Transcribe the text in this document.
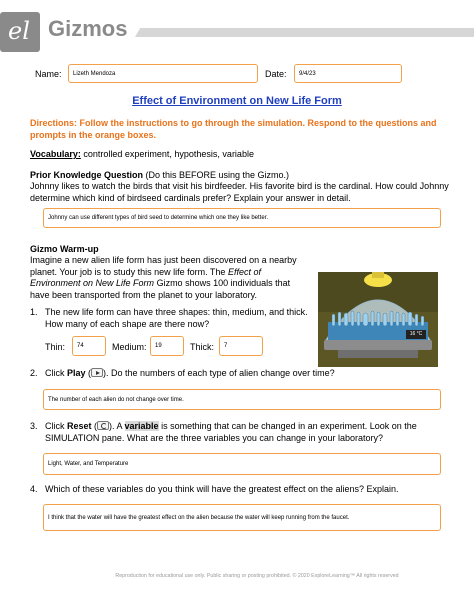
el Gizmos
Name: Lizeth Mendoza	Date: 9/4/23
Effect of Environment on New Life Form
Directions: Follow the instructions to go through the simulation. Respond to the questions and prompts in the orange boxes.
Vocabulary: controlled experiment, hypothesis, variable
Prior Knowledge Question (Do this BEFORE using the Gizmo.)
Johnny likes to watch the birds that visit his birdfeeder. His favorite bird is the cardinal. How could Johnny determine which kind of birdseed cardinals prefer? Explain your answer in detail.
Johnny can use different types of bird seed to determine which one they like better.
Gizmo Warm-up
Imagine a new alien life form has just been discovered on a nearby planet. Your job is to study this new life form. The Effect of Environment on New Life Form Gizmo shows 100 individuals that have been transported from the planet to your laboratory.
16 °C
1. The new life form can have three shapes: thin, medium, and thick. How many of each shape are there now?
Thin: 74	Medium: 19	Thick: 7
2. Click Play ( ). Do the numbers of each type of alien change over time?
The number of each alien do not change over time.
3. Click Reset ( ). A variable is something that can be changed in an experiment. Look on the SIMULATION pane. What are the three variables you can change in your laboratory?
Light, Water, and Temperature
4. Which of these variables do you think will have the greatest effect on the aliens? Explain.
I think that the water will have the greatest effect on the alien because the water will keep running from the faucet.
Reproduction for educational use only. Public sharing or posting prohibited. © 2020 ExploreLearning™ All rights reserved
